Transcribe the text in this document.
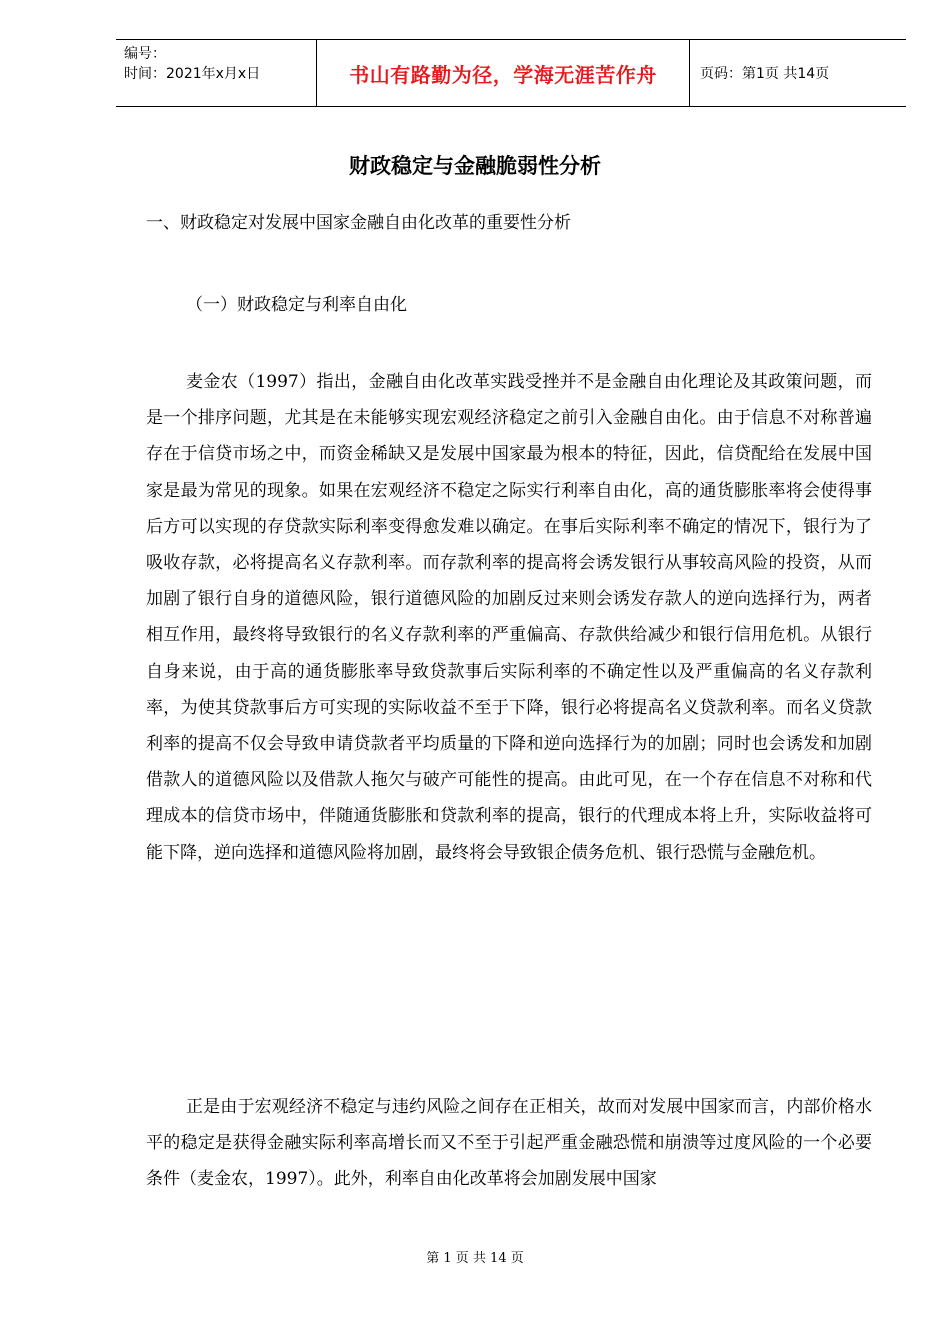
编号：
时间：2021年x月x日	书山有路勤为径，学海无涯苦作舟	页码：第1页 共14页
财政稳定与金融脆弱性分析

一、财政稳定对发展中国家金融自由化改革的重要性分析

（一）财政稳定与利率自由化

麦金农（1997）指出，金融自由化改革实践受挫并不是金融自由化理论及其政策问题，而是一个排序问题，尤其是在未能够实现宏观经济稳定之前引入金融自由化。由于信息不对称普遍存在于信贷市场之中，而资金稀缺又是发展中国家最为根本的特征，因此，信贷配给在发展中国家是最为常见的现象。如果在宏观经济不稳定之际实行利率自由化，高的通货膨胀率将会使得事后方可以实现的存贷款实际利率变得愈发难以确定。在事后实际利率不确定的情况下，银行为了吸收存款，必将提高名义存款利率。而存款利率的提高将会诱发银行从事较高风险的投资，从而加剧了银行自身的道德风险，银行道德风险的加剧反过来则会诱发存款人的逆向选择行为，两者相互作用，最终将导致银行的名义存款利率的严重偏高、存款供给减少和银行信用危机。从银行自身来说，由于高的通货膨胀率导致贷款事后实际利率的不确定性以及严重偏高的名义存款利率，为使其贷款事后方可实现的实际收益不至于下降，银行必将提高名义贷款利率。而名义贷款利率的提高不仅会导致申请贷款者平均质量的下降和逆向选择行为的加剧；同时也会诱发和加剧借款人的道德风险以及借款人拖欠与破产可能性的提高。由此可见，在一个存在信息不对称和代理成本的信贷市场中，伴随通货膨胀和贷款利率的提高，银行的代理成本将上升，实际收益将可能下降，逆向选择和道德风险将加剧，最终将会导致银企债务危机、银行恐慌与金融危机。

正是由于宏观经济不稳定与违约风险之间存在正相关，故而对发展中国家而言，内部价格水平的稳定是获得金融实际利率高增长而又不至于引起严重金融恐慌和崩溃等过度风险的一个必要条件（麦金农，1997）。此外，利率自由化改革将会加剧发展中国家

第 1 页 共 14 页
